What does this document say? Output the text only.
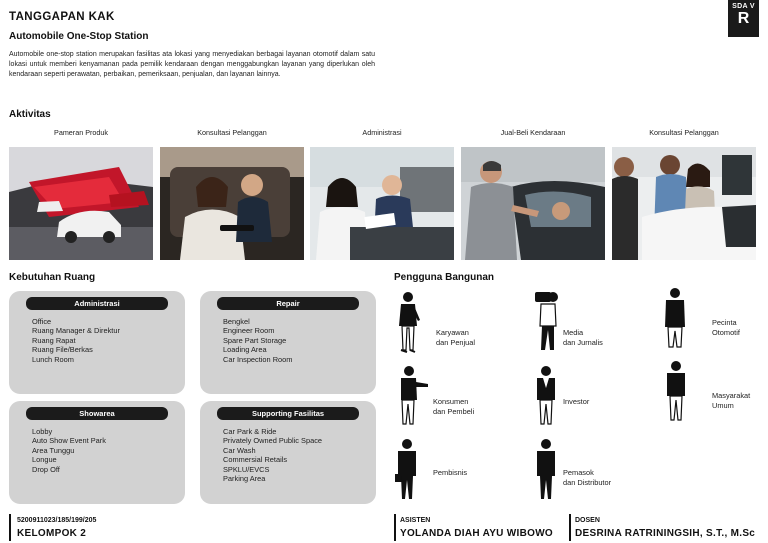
TANGGAPAN KAK
Automobile One-Stop Station

Automobile one-stop station merupakan fasilitas ata lokasi yang menyediakan berbagai layanan otomotif dalam satu lokasi untuk memberi kenyamanan pada pemilik kendaraan dengan menggabungkan layanan yang diperlukan oleh kendaraan seperti perawatan, perbaikan, pemeriksaan, penjualan, dan layanan lainnya.

SDA V
R
Aktivitas
Pameran Produk	Konsultasi Pelanggan	Administrasi	Jual-Beli Kendaraan	Konsultasi Pelanggan
Kebutuhan Ruang
Administrasi
Office
Ruang Manager & Direktur
Ruang Rapat
Ruang File/Berkas
Lunch Room
Repair
Bengkel
Engineer Room
Spare Part Storage
Loading Area
Car Inspection Room
Showarea
Lobby
Auto Show Event Park
Area Tunggu
Longue
Drop Off
Supporting Fasilitas
Car Park & Ride
Privately Owned Public Space
Car Wash
Commersial Retails
SPKLU/EVCS
Parking Area
Pengguna Bangunan
Karyawan
dan Penjual
Media
dan Jurnalis
Pecinta
Otomotif
Konsumen
dan Pembeli
Investor
Masyarakat
Umum
Pembisnis	Pemasok
dan Distributor
5200911023/185/199/205
KELOMPOK 2
ASISTEN
YOLANDA DIAH AYU WIBOWO
DOSEN
DESRINA RATRININGSIH, S.T., M.Sc
